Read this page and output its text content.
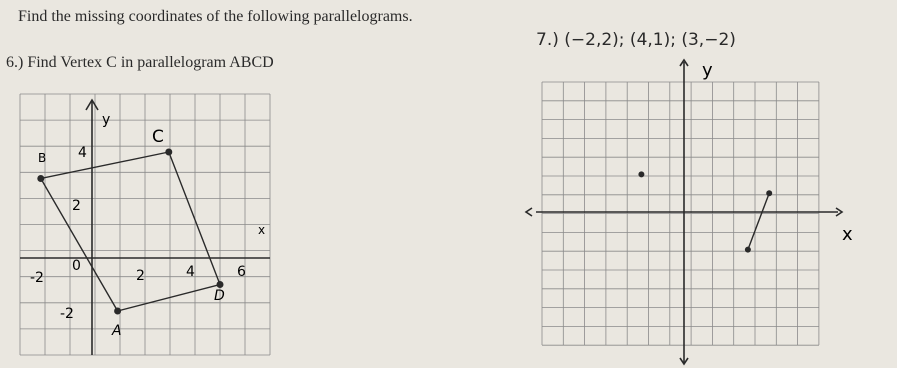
Find the missing coordinates of the following parallelograms.
6.) Find Vertex C in parallelogram ABCD
7.) (−2,2); (4,1); (3,−2)
y
x
-2
0
2	4	6
4
2
-2
A
B
C
D
y
x
